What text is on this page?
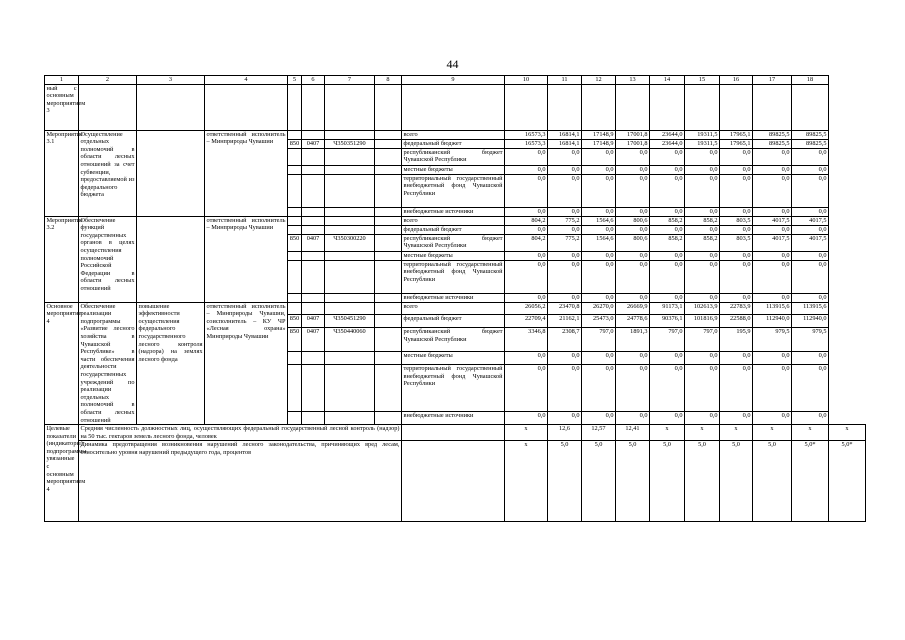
44
1	2	3	4	5	6	7	8	9	10	11	12	13	14	15	16	17	18	
ный с основным мероприятием 3																		
Мероприятие 3.1	Осуществление отдельных полномочий в области лесных отношений за счет субвенции, предоставляемой из федерального бюджета		ответственный исполнитель – Минприроды Чувашии					всего	16573,3	16814,1	17148,9	17001,8	23644,0	19311,5	17965,1	89825,5	89825,5	
				850	0407	Ч350351290		федеральный бюджет	16573,3	16814,1	17148,9	17001,8	23644,0	19311,5	17965,1	89825,5	89825,5	
								республиканский бюджет Чувашской Республики	0,0	0,0	0,0	0,0	0,0	0,0	0,0	0,0	0,0	
								местные бюджеты	0,0	0,0	0,0	0,0	0,0	0,0	0,0	0,0	0,0	
								территориальный государственный внебюджетный фонд Чувашской Республики	0,0	0,0	0,0	0,0	0,0	0,0	0,0	0,0	0,0	
								внебюджетные источники	0,0	0,0	0,0	0,0	0,0	0,0	0,0	0,0	0,0	
Мероприятие 3.2	Обеспечение функций государственных органов в целях осуществления полномочий Российской Федерации в области лесных отношений		ответственный исполнитель – Минприроды Чувашии					всего	804,2	775,2	1564,6	800,6	858,2	858,2	803,5	4017,5	4017,5	
								федеральный бюджет	0,0	0,0	0,0	0,0	0,0	0,0	0,0	0,0	0,0	
				850	0407	Ч350300220		республиканский бюджет Чувашской Республики	804,2	775,2	1564,6	800,6	858,2	858,2	803,5	4017,5	4017,5	
								местные бюджеты	0,0	0,0	0,0	0,0	0,0	0,0	0,0	0,0	0,0	
								территориальный государственный внебюджетный фонд Чувашской Республики	0,0	0,0	0,0	0,0	0,0	0,0	0,0	0,0	0,0	
								внебюджетные источники	0,0	0,0	0,0	0,0	0,0	0,0	0,0	0,0	0,0	
Основное мероприятие 4	Обеспечение реализации подпрограммы «Развитие лесного хозяйства в Чувашской Республике» в части обеспечения деятельности государственных учреждений по реализации отдельных полномочий в области лесных отношений	повышение эффективности осуществления федерального государственного лесного контроля (надзора) на землях лесного фонда	ответственный исполнитель – Минприроды Чувашии, соисполнитель – КУ ЧР «Лесная охрана» Минприроды Чувашии					всего	26056,2	23470,8	26270,0	26669,9	91173,1	102613,9	22783,9	113915,6	113915,6	
				850	0407	Ч350451290		федеральный бюджет	22709,4	21162,1	25473,0	24778,6	90376,1	101816,9	22588,0	112940,0	112940,0	
				850	0407	Ч350440060		республиканский бюджет Чувашской Республики	3346,8	2308,7	797,0	1891,3	797,0	797,0	195,9	979,5	979,5	
								местные бюджеты	0,0	0,0	0,0	0,0	0,0	0,0	0,0	0,0	0,0	
								территориальный государственный внебюджетный фонд Чувашской Республики	0,0	0,0	0,0	0,0	0,0	0,0	0,0	0,0	0,0	
								внебюджетные источники	0,0	0,0	0,0	0,0	0,0	0,0	0,0	0,0	0,0	
Целевые показатели (индикаторы) подпрограммы, увязанные с основным мероприятием 4	Средняя численность должностных лиц, осуществляющих федеральный государственный лесной контроль (надзор) на 50 тыс. гектаров земель лесного фонда, человек								х	12,6	12,57	12,41	х	х	х	х	х	х
	Динамика предотвращения возникновения нарушений лесного законодательства, причиняющих вред лесам, относительно уровня нарушений предыдущего года, процентов								х	5,0	5,0	5,0	5,0	5,0	5,0	5,0	5,0*	5,0*
